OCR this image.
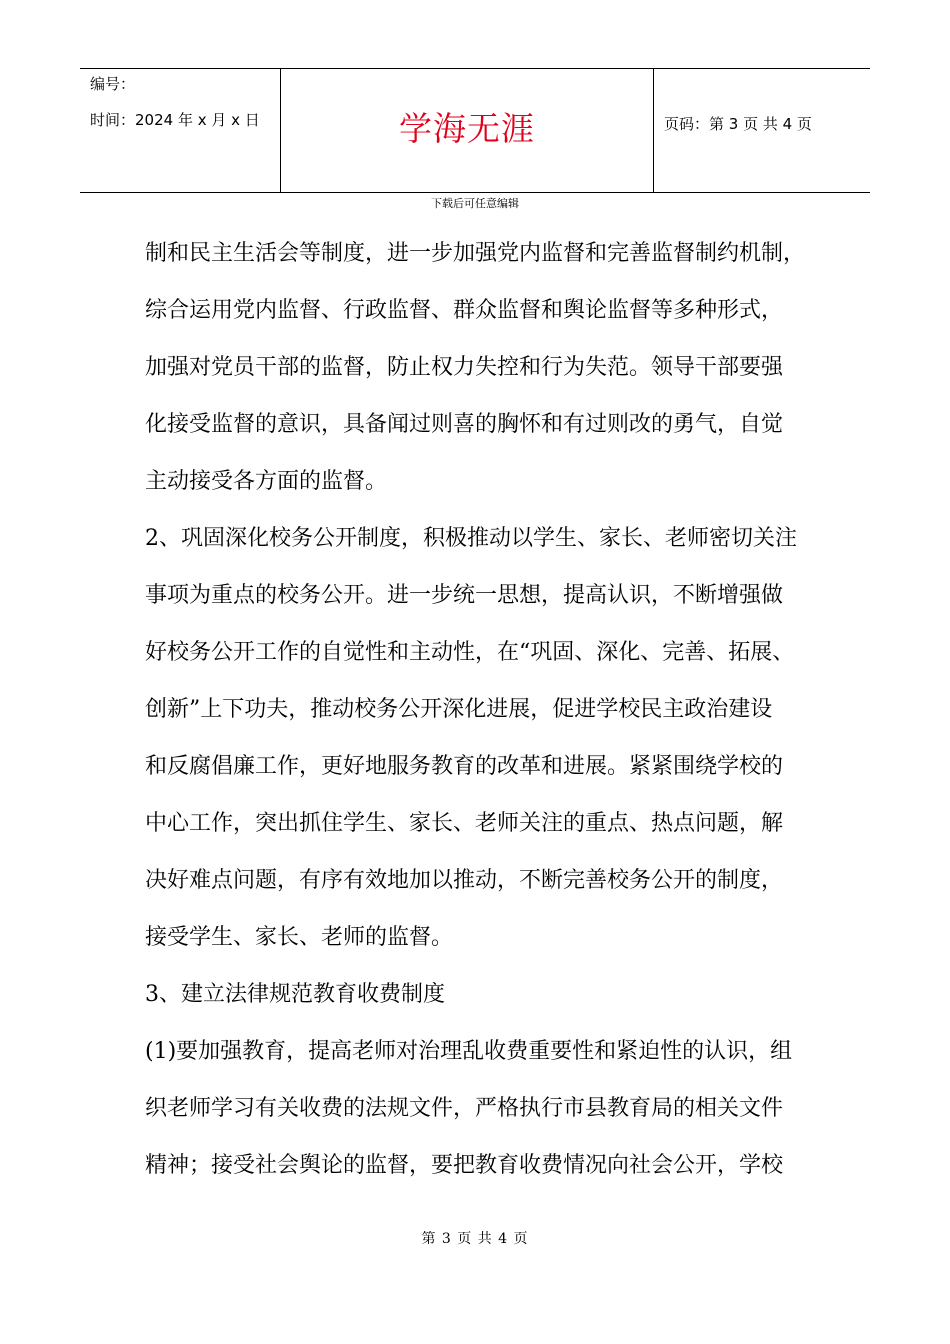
编号：
时间：2024 年 x 月 x 日	学海无涯	页码：第 3 页 共 4 页
下载后可任意编辑
制和民主生活会等制度，进一步加强党内监督和完善监督制约机制，
综合运用党内监督、行政监督、群众监督和舆论监督等多种形式，
加强对党员干部的监督，防止权力失控和行为失范。领导干部要强
化接受监督的意识，具备闻过则喜的胸怀和有过则改的勇气，自觉
主动接受各方面的监督。
2、巩固深化校务公开制度，积极推动以学生、家长、老师密切关注
事项为重点的校务公开。进一步统一思想，提高认识，不断增强做
好校务公开工作的自觉性和主动性，在“巩固、深化、完善、拓展、
创新”上下功夫，推动校务公开深化进展，促进学校民主政治建设
和反腐倡廉工作，更好地服务教育的改革和进展。紧紧围绕学校的
中心工作，突出抓住学生、家长、老师关注的重点、热点问题，解
决好难点问题，有序有效地加以推动，不断完善校务公开的制度，
接受学生、家长、老师的监督。
3、建立法律规范教育收费制度
(1)要加强教育，提高老师对治理乱收费重要性和紧迫性的认识，组
织老师学习有关收费的法规文件，严格执行市县教育局的相关文件
精神；接受社会舆论的监督，要把教育收费情况向社会公开，学校
第 3 页 共 4 页
